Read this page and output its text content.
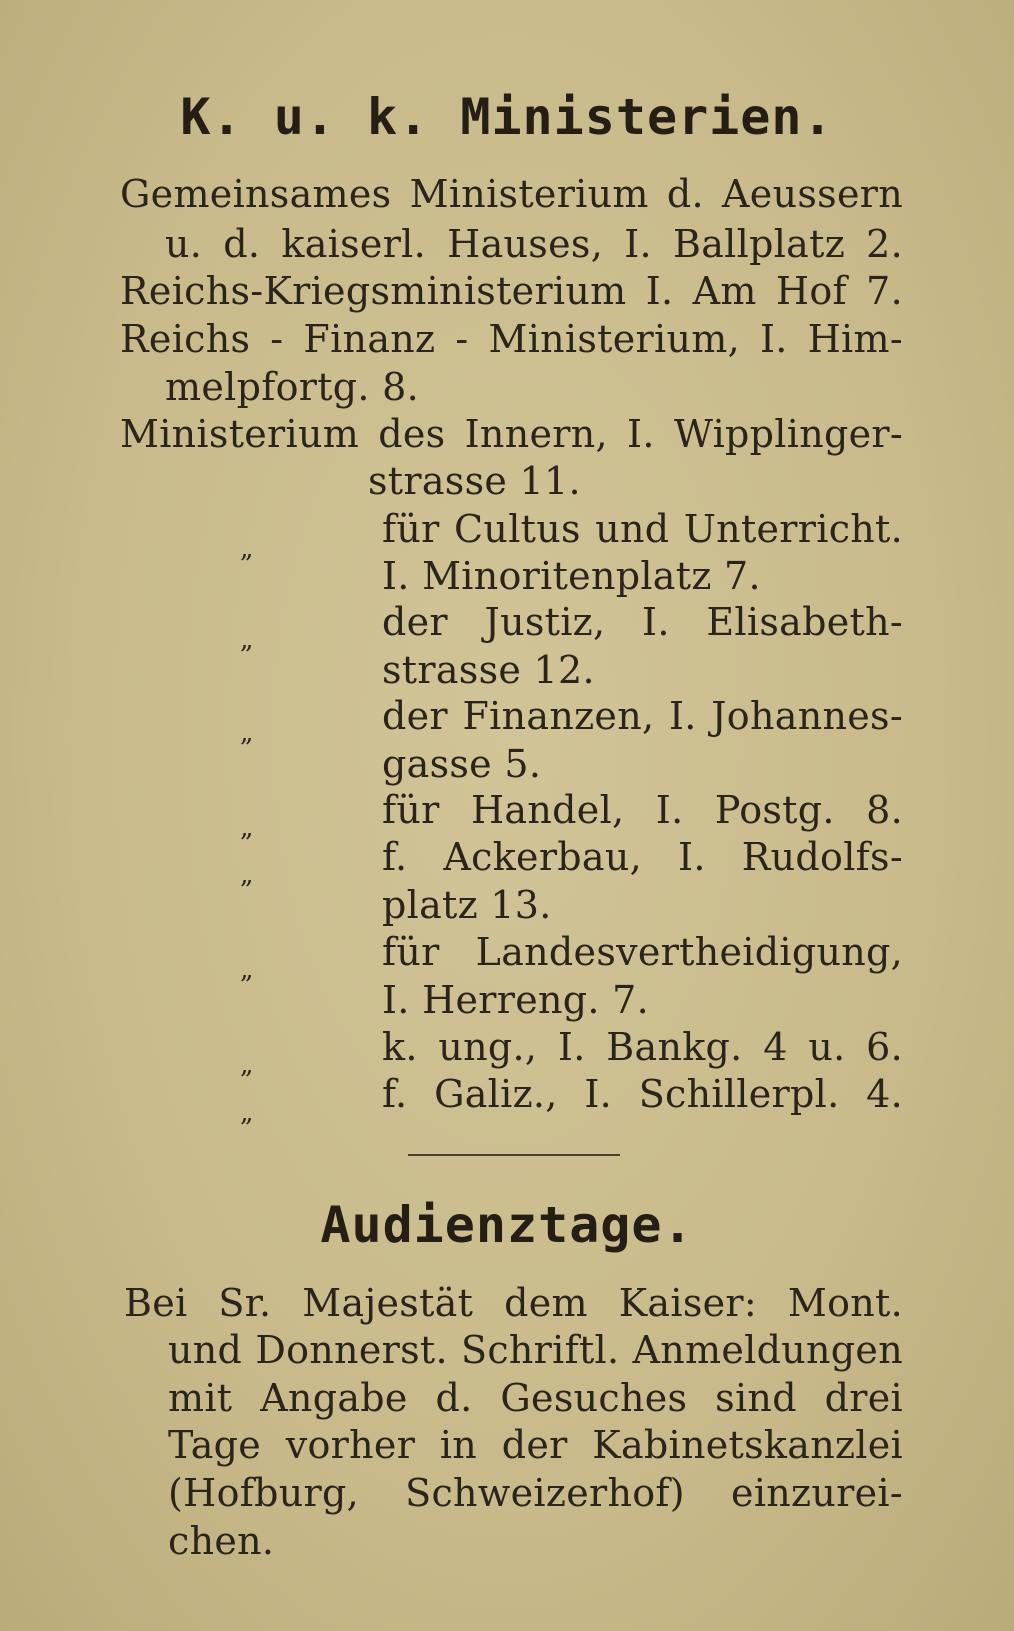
K. u. k. Ministerien.
Gemeinsames Ministerium d. Aeussern
u. d. kaiserl. Hauses, I. Ballplatz 2.
Reichs-Kriegsministerium I. Am Hof 7.
Reichs - Finanz - Ministerium, I. Him-
melpfortg. 8.
Ministerium des Innern, I. Wipplinger-
strasse 11.
„	für Cultus und Unterricht.
I. Minoritenplatz 7.
„	der Justiz, I. Elisabeth-
strasse 12.
„	der Finanzen, I. Johannes-
gasse 5.
„	für Handel, I. Postg. 8.
„	f. Ackerbau, I. Rudolfs-
platz 13.
„	für Landesvertheidigung,
I. Herreng. 7.
„	k. ung., I. Bankg. 4 u. 6.
„	f. Galiz., I. Schillerpl. 4.
Audienztage.
Bei Sr. Majestät dem Kaiser: Mont.
und Donnerst. Schriftl. Anmeldungen
mit Angabe d. Gesuches sind drei
Tage vorher in der Kabinetskanzlei
(Hofburg, Schweizerhof) einzurei-
chen.
